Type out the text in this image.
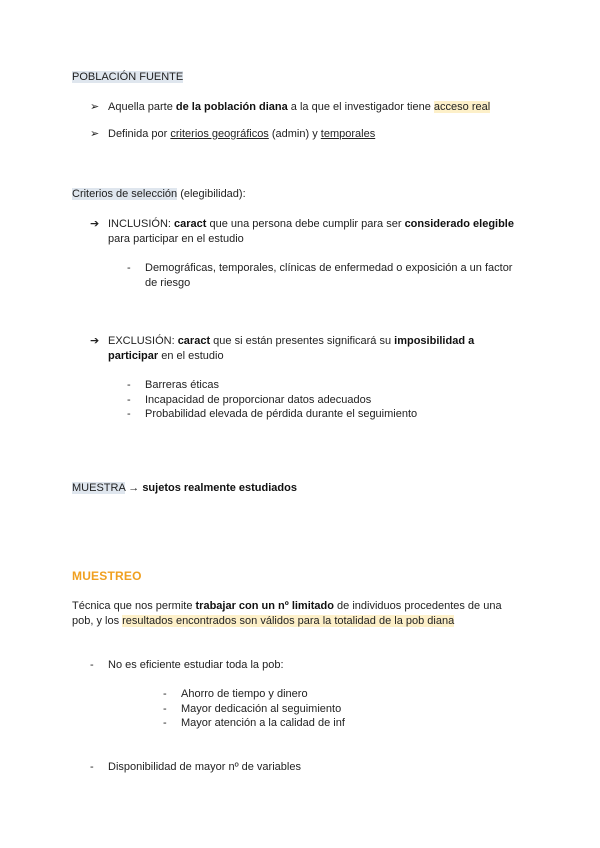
POBLACIÓN FUENTE
➢ Aquella parte de la población diana a la que el investigador tiene acceso real
➢ Definida por criterios geográficos (admin) y temporales
Criterios de selección (elegibilidad):
➔ INCLUSIÓN: caract que una persona debe cumplir para ser considerado elegible
para participar en el estudio
- Demográficas, temporales, clínicas de enfermedad o exposición a un factor
de riesgo
➔ EXCLUSIÓN: caract que si están presentes significará su imposibilidad a
participar en el estudio
- Barreras éticas
- Incapacidad de proporcionar datos adecuados
- Probabilidad elevada de pérdida durante el seguimiento
MUESTRA → sujetos realmente estudiados
MUESTREO
Técnica que nos permite trabajar con un nº limitado de individuos procedentes de una
pob, y los resultados encontrados son válidos para la totalidad de la pob diana
- No es eficiente estudiar toda la pob:
- Ahorro de tiempo y dinero
- Mayor dedicación al seguimiento
- Mayor atención a la calidad de inf
- Disponibilidad de mayor nº de variables
